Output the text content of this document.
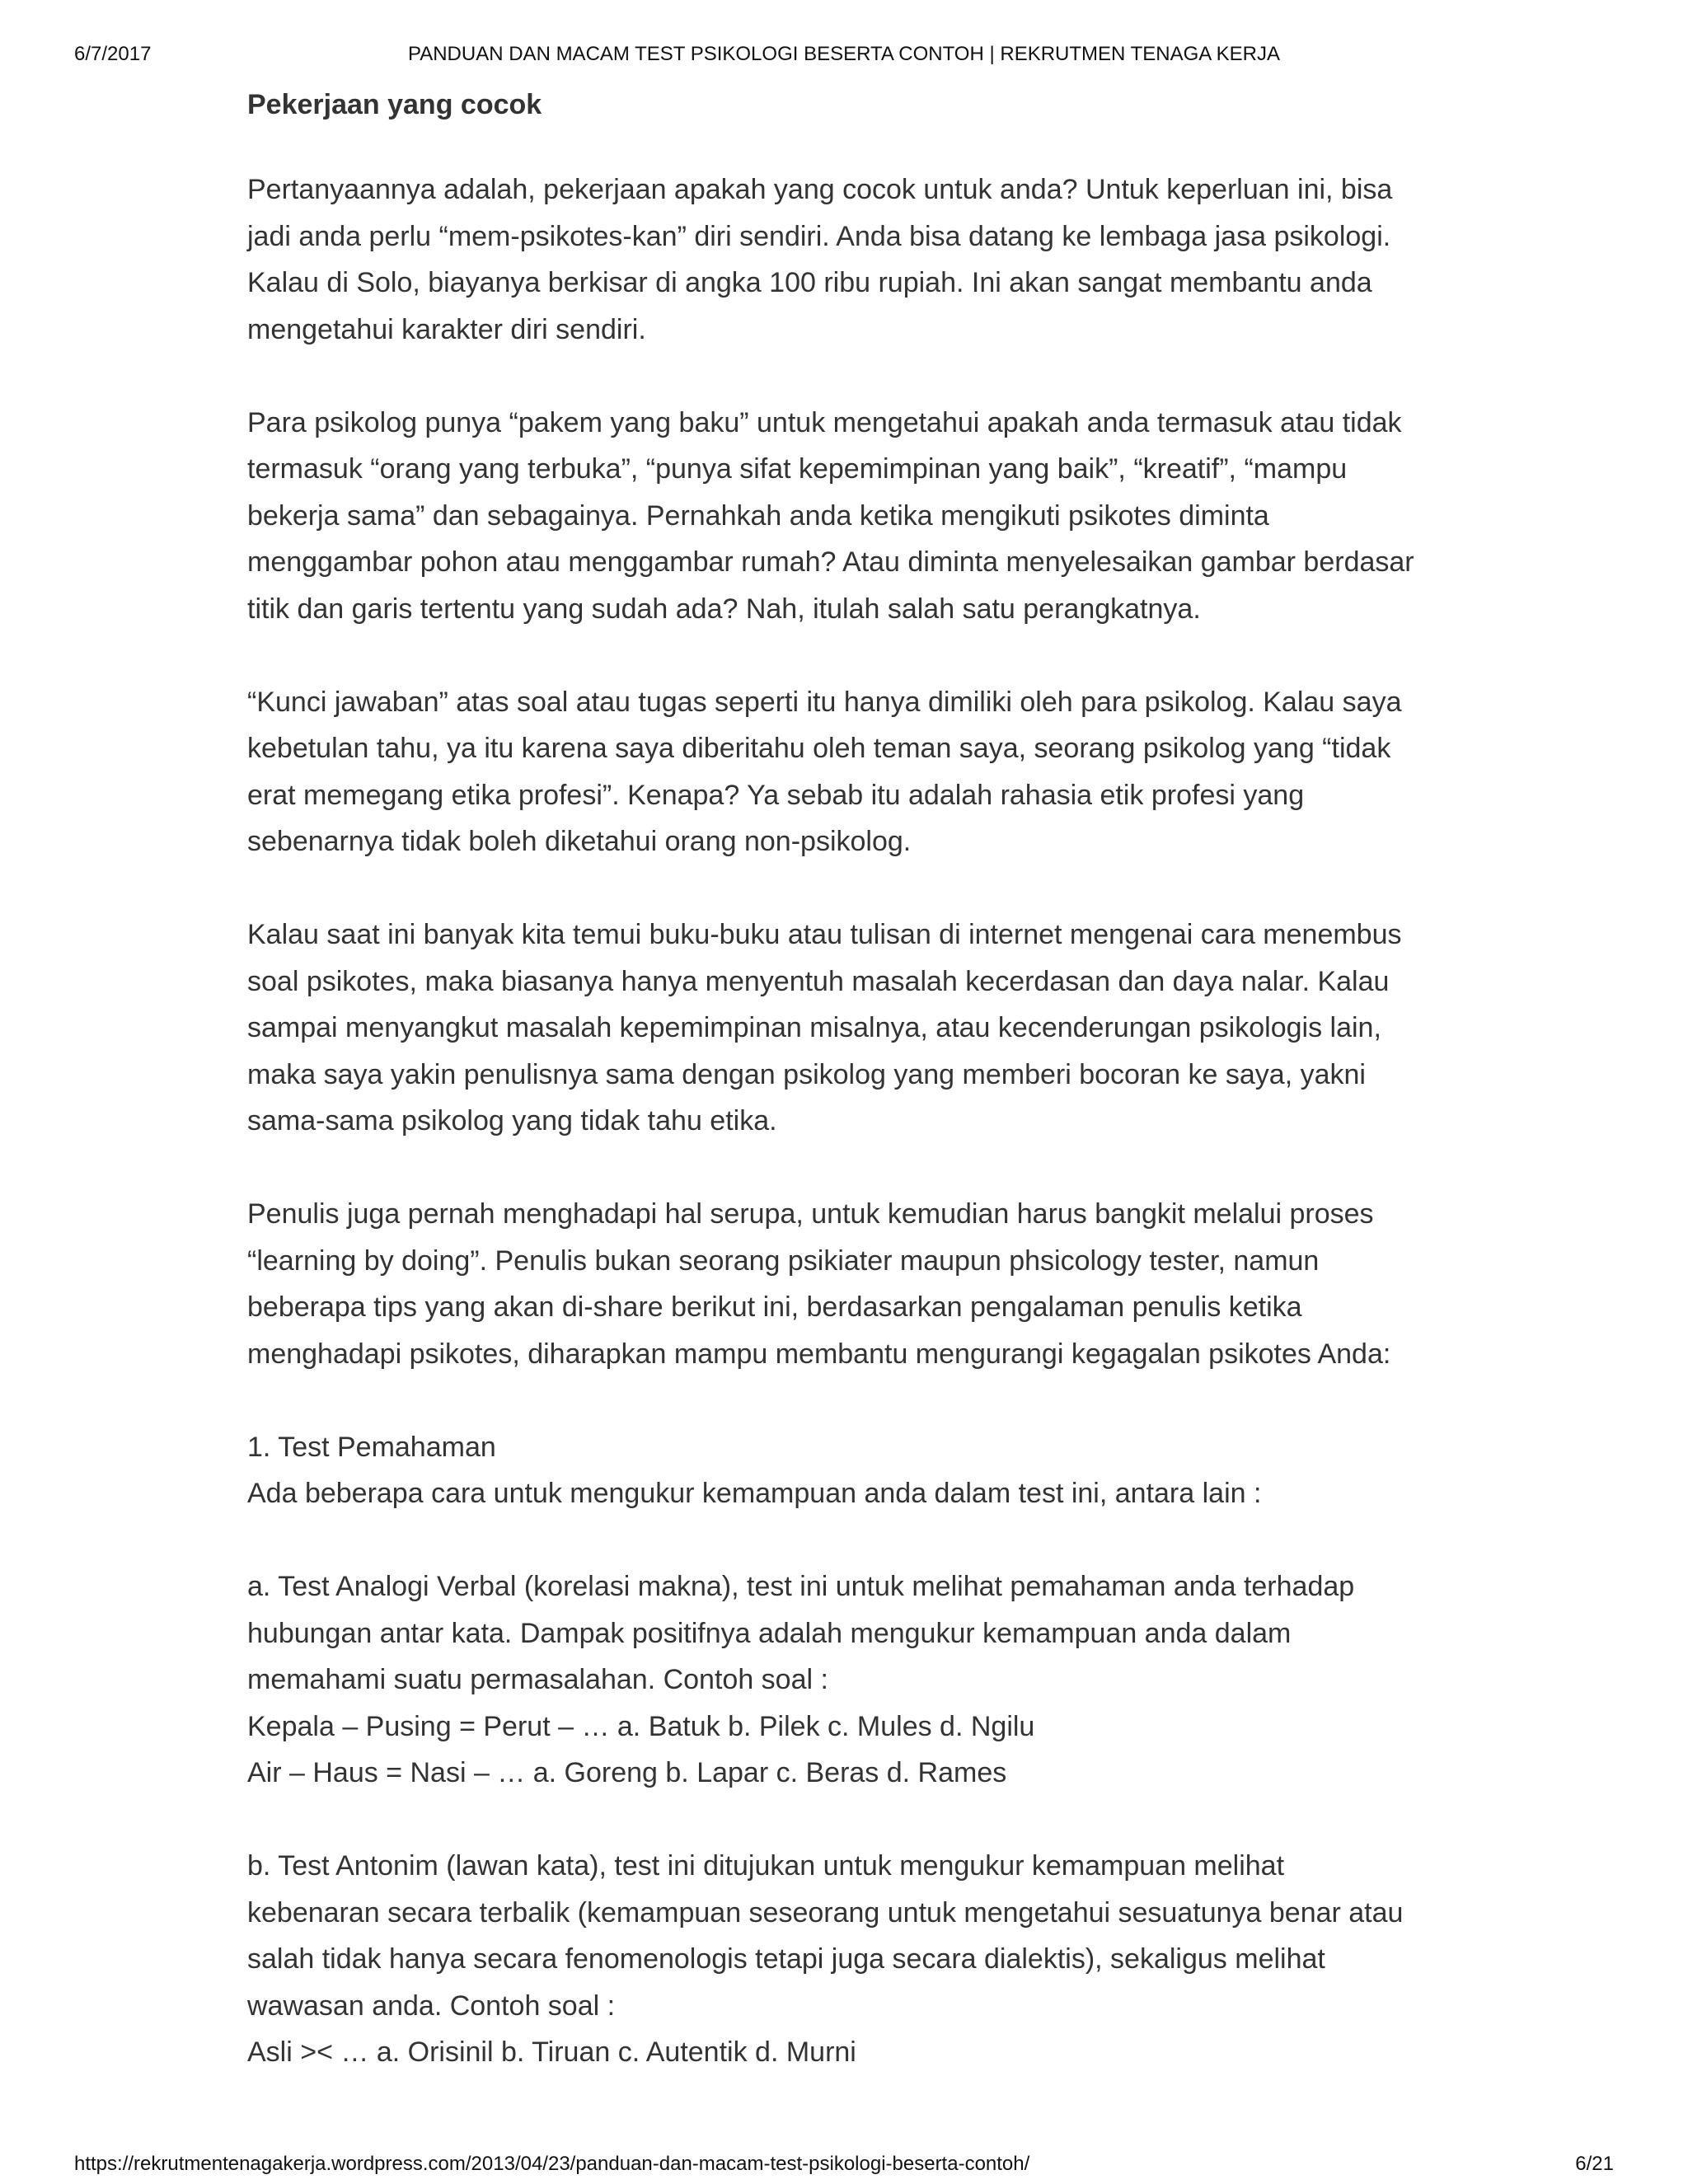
6/7/2017	PANDUAN DAN MACAM TEST PSIKOLOGI BESERTA CONTOH | REKRUTMEN TENAGA KERJA
Pekerjaan yang cocok
Pertanyaannya adalah, pekerjaan apakah yang cocok untuk anda? Untuk keperluan ini, bisa
jadi anda perlu “mem-psikotes-kan” diri sendiri. Anda bisa datang ke lembaga jasa psikologi.
Kalau di Solo, biayanya berkisar di angka 100 ribu rupiah. Ini akan sangat membantu anda
mengetahui karakter diri sendiri.
Para psikolog punya “pakem yang baku” untuk mengetahui apakah anda termasuk atau tidak
termasuk “orang yang terbuka”, “punya sifat kepemimpinan yang baik”, “kreatif”, “mampu
bekerja sama” dan sebagainya. Pernahkah anda ketika mengikuti psikotes diminta
menggambar pohon atau menggambar rumah? Atau diminta menyelesaikan gambar berdasar
titik dan garis tertentu yang sudah ada? Nah, itulah salah satu perangkatnya.
“Kunci jawaban” atas soal atau tugas seperti itu hanya dimiliki oleh para psikolog. Kalau saya
kebetulan tahu, ya itu karena saya diberitahu oleh teman saya, seorang psikolog yang “tidak
erat memegang etika profesi”. Kenapa? Ya sebab itu adalah rahasia etik profesi yang
sebenarnya tidak boleh diketahui orang non-psikolog.
Kalau saat ini banyak kita temui buku-buku atau tulisan di internet mengenai cara menembus
soal psikotes, maka biasanya hanya menyentuh masalah kecerdasan dan daya nalar. Kalau
sampai menyangkut masalah kepemimpinan misalnya, atau kecenderungan psikologis lain,
maka saya yakin penulisnya sama dengan psikolog yang memberi bocoran ke saya, yakni
sama-sama psikolog yang tidak tahu etika.
Penulis juga pernah menghadapi hal serupa, untuk kemudian harus bangkit melalui proses
“learning by doing”. Penulis bukan seorang psikiater maupun phsicology tester, namun
beberapa tips yang akan di-share berikut ini, berdasarkan pengalaman penulis ketika
menghadapi psikotes, diharapkan mampu membantu mengurangi kegagalan psikotes Anda:
1. Test Pemahaman
Ada beberapa cara untuk mengukur kemampuan anda dalam test ini, antara lain :
a. Test Analogi Verbal (korelasi makna), test ini untuk melihat pemahaman anda terhadap
hubungan antar kata. Dampak positifnya adalah mengukur kemampuan anda dalam
memahami suatu permasalahan. Contoh soal :
Kepala – Pusing = Perut – … a. Batuk b. Pilek c. Mules d. Ngilu
Air – Haus = Nasi – … a. Goreng b. Lapar c. Beras d. Rames
b. Test Antonim (lawan kata), test ini ditujukan untuk mengukur kemampuan melihat
kebenaran secara terbalik (kemampuan seseorang untuk mengetahui sesuatunya benar atau
salah tidak hanya secara fenomenologis tetapi juga secara dialektis), sekaligus melihat
wawasan anda. Contoh soal :
Asli >< … a. Orisinil b. Tiruan c. Autentik d. Murni
https://rekrutmentenagakerja.wordpress.com/2013/04/23/panduan-dan-macam-test-psikologi-beserta-contoh/	6/21
